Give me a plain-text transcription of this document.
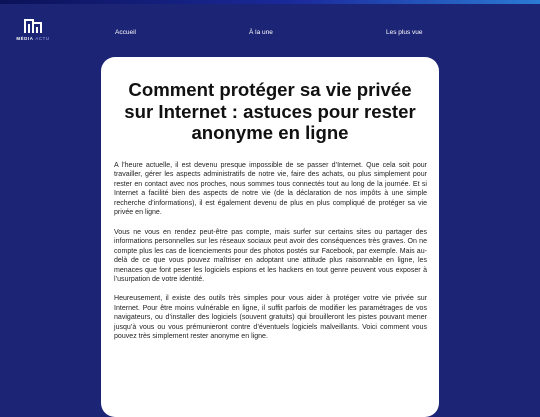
MÉDIA ACTU
Accueil	À la une	Les plus vue
Comment protéger sa vie privée sur Internet : astuces pour rester anonyme en ligne

A l’heure actuelle, il est devenu presque impossible de se passer d’Internet. Que cela soit pour travailler, gérer les aspects administratifs de notre vie, faire des achats, ou plus simplement pour rester en contact avec nos proches, nous sommes tous connectés tout au long de la journée. Et si Internet a facilité bien des aspects de notre vie (de la déclaration de nos impôts à une simple recherche d’informations), il est également devenu de plus en plus compliqué de protéger sa vie privée en ligne.

Vous ne vous en rendez peut-être pas compte, mais surfer sur certains sites ou partager des informations personnelles sur les réseaux sociaux peut avoir des conséquences très graves. On ne compte plus les cas de licenciements pour des photos postés sur Facebook, par exemple. Mais au-delà de ce que vous pouvez maîtriser en adoptant une attitude plus raisonnable en ligne, les menaces que font peser les logiciels espions et les hackers en tout genre peuvent vous exposer à l’usurpation de votre identité.

Heureusement, il existe des outils très simples pour vous aider à protéger votre vie privée sur Internet. Pour être moins vulnérable en ligne, il suffit parfois de modifier les paramétrages de vos navigateurs, ou d’installer des logiciels (souvent gratuits) qui brouilleront les pistes pouvant mener jusqu’à vous ou vous prémunieront contre d’éventuels logiciels malveillants. Voici comment vous pouvez très simplement rester anonyme en ligne.
